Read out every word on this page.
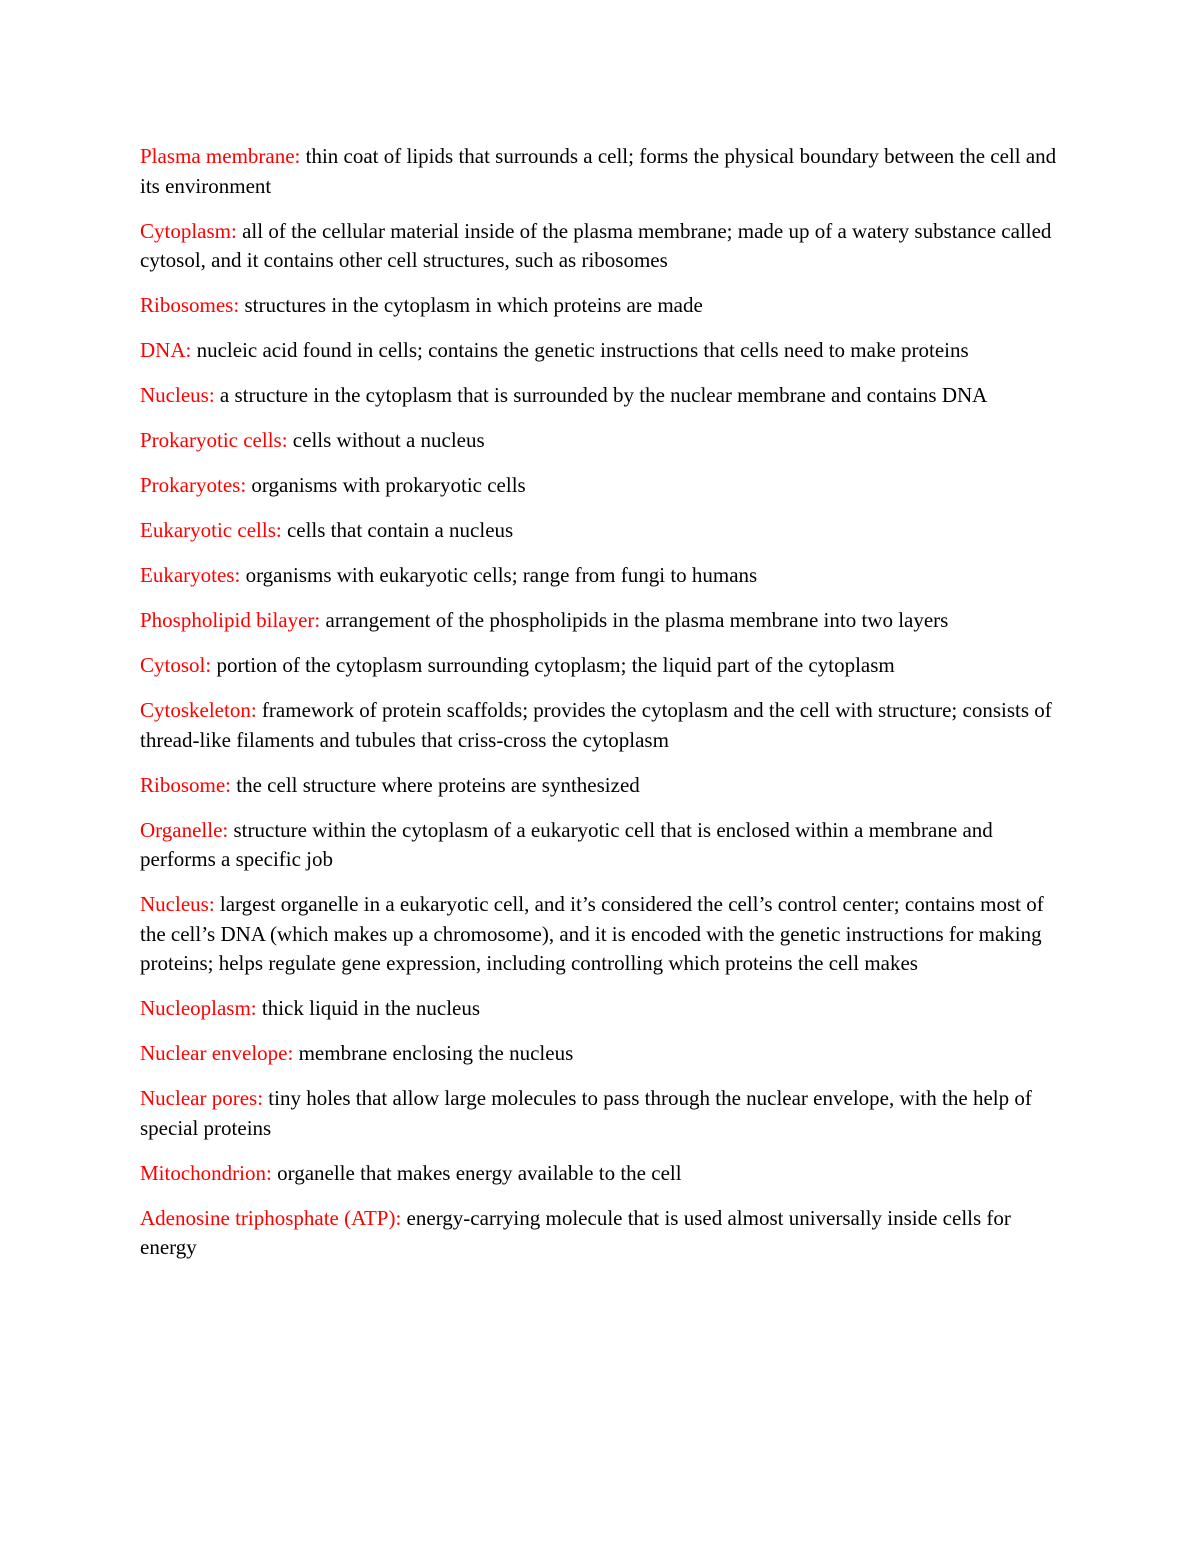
Plasma membrane: thin coat of lipids that surrounds a cell; forms the physical boundary between the cell and its environment

Cytoplasm: all of the cellular material inside of the plasma membrane; made up of a watery substance called cytosol, and it contains other cell structures, such as ribosomes

Ribosomes: structures in the cytoplasm in which proteins are made

DNA: nucleic acid found in cells; contains the genetic instructions that cells need to make proteins

Nucleus: a structure in the cytoplasm that is surrounded by the nuclear membrane and contains DNA

Prokaryotic cells: cells without a nucleus

Prokaryotes: organisms with prokaryotic cells

Eukaryotic cells: cells that contain a nucleus

Eukaryotes: organisms with eukaryotic cells; range from fungi to humans

Phospholipid bilayer: arrangement of the phospholipids in the plasma membrane into two layers

Cytosol: portion of the cytoplasm surrounding cytoplasm; the liquid part of the cytoplasm

Cytoskeleton: framework of protein scaffolds; provides the cytoplasm and the cell with structure; consists of thread-like filaments and tubules that criss-cross the cytoplasm

Ribosome: the cell structure where proteins are synthesized

Organelle: structure within the cytoplasm of a eukaryotic cell that is enclosed within a membrane and performs a specific job

Nucleus: largest organelle in a eukaryotic cell, and it’s considered the cell’s control center; contains most of the cell’s DNA (which makes up a chromosome), and it is encoded with the genetic instructions for making proteins; helps regulate gene expression, including controlling which proteins the cell makes

Nucleoplasm: thick liquid in the nucleus

Nuclear envelope: membrane enclosing the nucleus

Nuclear pores: tiny holes that allow large molecules to pass through the nuclear envelope, with the help of special proteins

Mitochondrion: organelle that makes energy available to the cell

Adenosine triphosphate (ATP): energy-carrying molecule that is used almost universally inside cells for energy
